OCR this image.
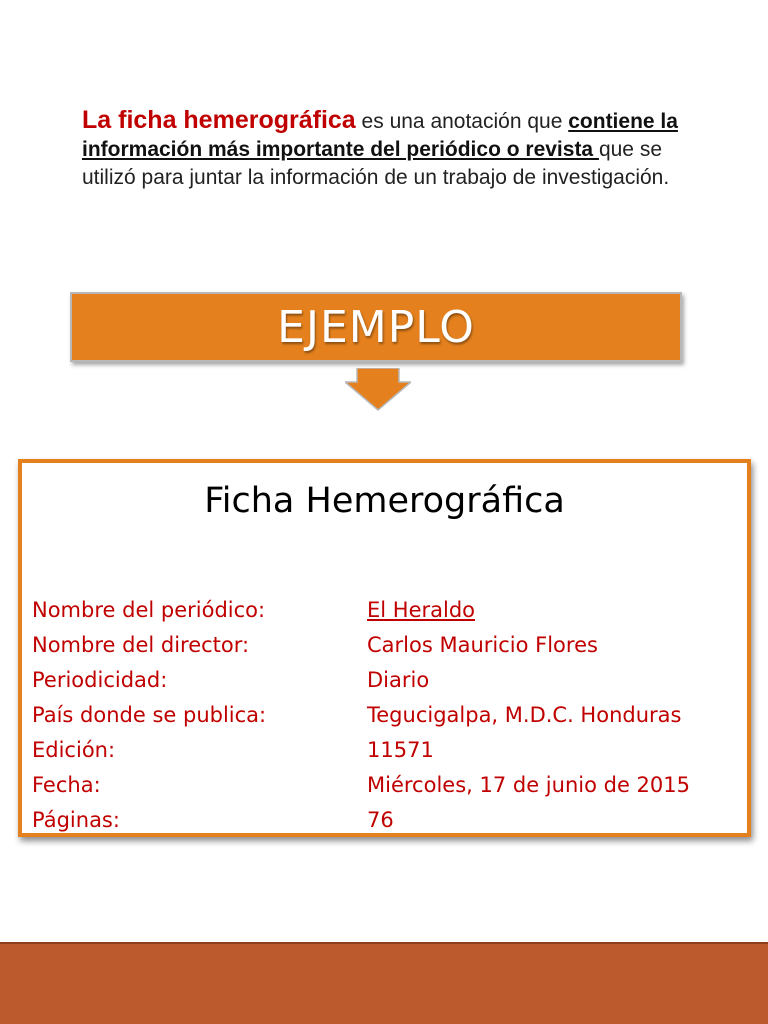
La ficha hemerográfica es una anotación que contiene la información más importante del periódico o revista que se utilizó para juntar la información de un trabajo de investigación.
EJEMPLO
Ficha Hemerográfica
Nombre del periódico:	El Heraldo
Nombre del director:	Carlos Mauricio Flores
Periodicidad:	Diario
País donde se publica:	Tegucigalpa, M.D.C. Honduras
Edición:	11571
Fecha:	Miércoles, 17 de junio de 2015
Páginas:	76
